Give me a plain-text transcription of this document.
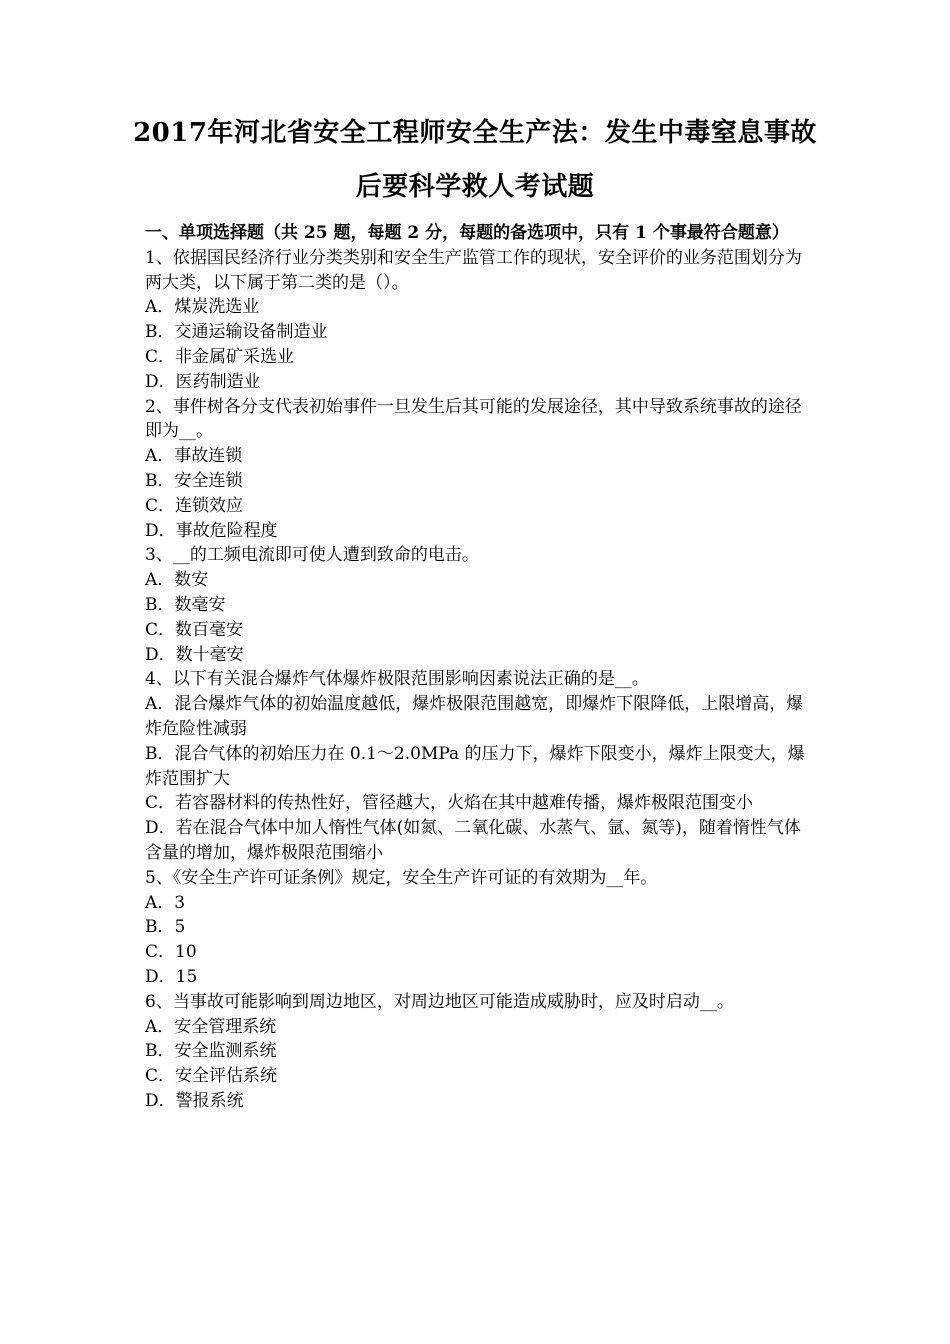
2017年河北省安全工程师安全生产法：发生中毒窒息事故
后要科学救人考试题

一、单项选择题（共 25 题，每题 2 分，每题的备选项中，只有 1 个事最符合题意）

1、依据国民经济行业分类类别和安全生产监管工作的现状，安全评价的业务范围划分为两大类，以下属于第二类的是（）。

A．煤炭洗选业

B．交通运输设备制造业

C．非金属矿采选业

D．医药制造业

2、事件树各分支代表初始事件一旦发生后其可能的发展途径，其中导致系统事故的途径即为__。

A．事故连锁

B．安全连锁

C．连锁效应

D．事故危险程度

3、__的工频电流即可使人遭到致命的电击。

A．数安

B．数毫安

C．数百毫安

D．数十毫安

4、以下有关混合爆炸气体爆炸极限范围影响因素说法正确的是__。

A．混合爆炸气体的初始温度越低，爆炸极限范围越宽，即爆炸下限降低，上限增高，爆炸危险性减弱

B．混合气体的初始压力在 0.1～2.0MPa 的压力下，爆炸下限变小，爆炸上限变大，爆炸范围扩大

C．若容器材料的传热性好，管径越大，火焰在其中越难传播，爆炸极限范围变小

D．若在混合气体中加人惰性气体(如氮、二氧化碳、水蒸气、氩、氮等)，随着惰性气体含量的增加，爆炸极限范围缩小

5、《安全生产许可证条例》规定，安全生产许可证的有效期为__年。

A．3

B．5

C．10

D．15

6、当事故可能影响到周边地区，对周边地区可能造成威胁时，应及时启动__。

A．安全管理系统

B．安全监测系统

C．安全评估系统

D．警报系统
